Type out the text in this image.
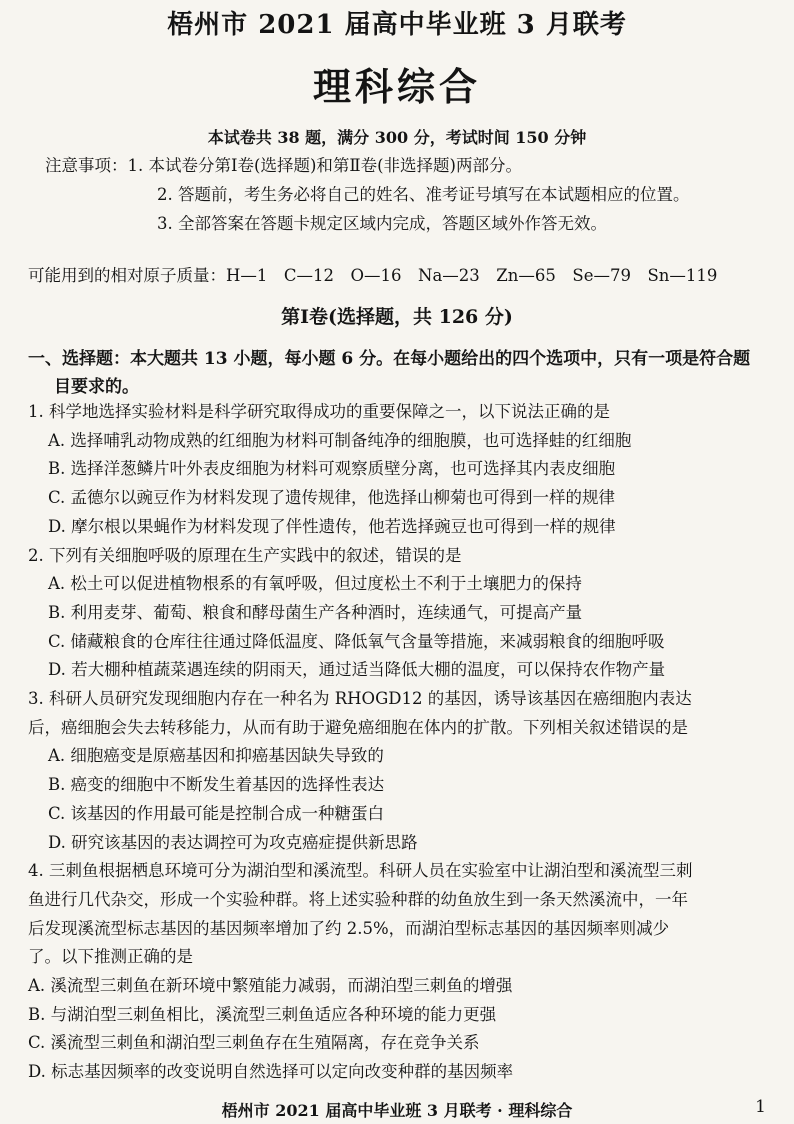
梧州市 2021 届高中毕业班 3 月联考
理科综合
本试卷共 38 题，满分 300 分，考试时间 150 分钟
注意事项：1. 本试卷分第Ⅰ卷(选择题)和第Ⅱ卷(非选择题)两部分。
2. 答题前，考生务必将自己的姓名、准考证号填写在本试题相应的位置。
3. 全部答案在答题卡规定区域内完成，答题区域外作答无效。
可能用到的相对原子质量：H—1　C—12　O—16　Na—23　Zn—65　Se—79　Sn—119
第Ⅰ卷(选择题，共 126 分)
一、选择题：本大题共 13 小题，每小题 6 分。在每小题给出的四个选项中，只有一项是符合题
目要求的。
1. 科学地选择实验材料是科学研究取得成功的重要保障之一，以下说法正确的是
A. 选择哺乳动物成熟的红细胞为材料可制备纯净的细胞膜，也可选择蛙的红细胞
B. 选择洋葱鳞片叶外表皮细胞为材料可观察质壁分离，也可选择其内表皮细胞
C. 孟德尔以豌豆作为材料发现了遗传规律，他选择山柳菊也可得到一样的规律
D. 摩尔根以果蝇作为材料发现了伴性遗传，他若选择豌豆也可得到一样的规律
2. 下列有关细胞呼吸的原理在生产实践中的叙述，错误的是
A. 松土可以促进植物根系的有氧呼吸，但过度松土不利于土壤肥力的保持
B. 利用麦芽、葡萄、粮食和酵母菌生产各种酒时，连续通气，可提高产量
C. 储藏粮食的仓库往往通过降低温度、降低氧气含量等措施，来减弱粮食的细胞呼吸
D. 若大棚种植蔬菜遇连续的阴雨天，通过适当降低大棚的温度，可以保持农作物产量
3. 科研人员研究发现细胞内存在一种名为 RHOGD12 的基因，诱导该基因在癌细胞内表达
后，癌细胞会失去转移能力，从而有助于避免癌细胞在体内的扩散。下列相关叙述错误的是
A. 细胞癌变是原癌基因和抑癌基因缺失导致的
B. 癌变的细胞中不断发生着基因的选择性表达
C. 该基因的作用最可能是控制合成一种糖蛋白
D. 研究该基因的表达调控可为攻克癌症提供新思路
4. 三刺鱼根据栖息环境可分为湖泊型和溪流型。科研人员在实验室中让湖泊型和溪流型三刺
鱼进行几代杂交，形成一个实验种群。将上述实验种群的幼鱼放生到一条天然溪流中，一年
后发现溪流型标志基因的基因频率增加了约 2.5%，而湖泊型标志基因的基因频率则减少
了。以下推测正确的是
A. 溪流型三刺鱼在新环境中繁殖能力减弱，而湖泊型三刺鱼的增强
B. 与湖泊型三刺鱼相比，溪流型三刺鱼适应各种环境的能力更强
C. 溪流型三刺鱼和湖泊型三刺鱼存在生殖隔离，存在竞争关系
D. 标志基因频率的改变说明自然选择可以定向改变种群的基因频率
梧州市 2021 届高中毕业班 3 月联考 · 理科综合	1
